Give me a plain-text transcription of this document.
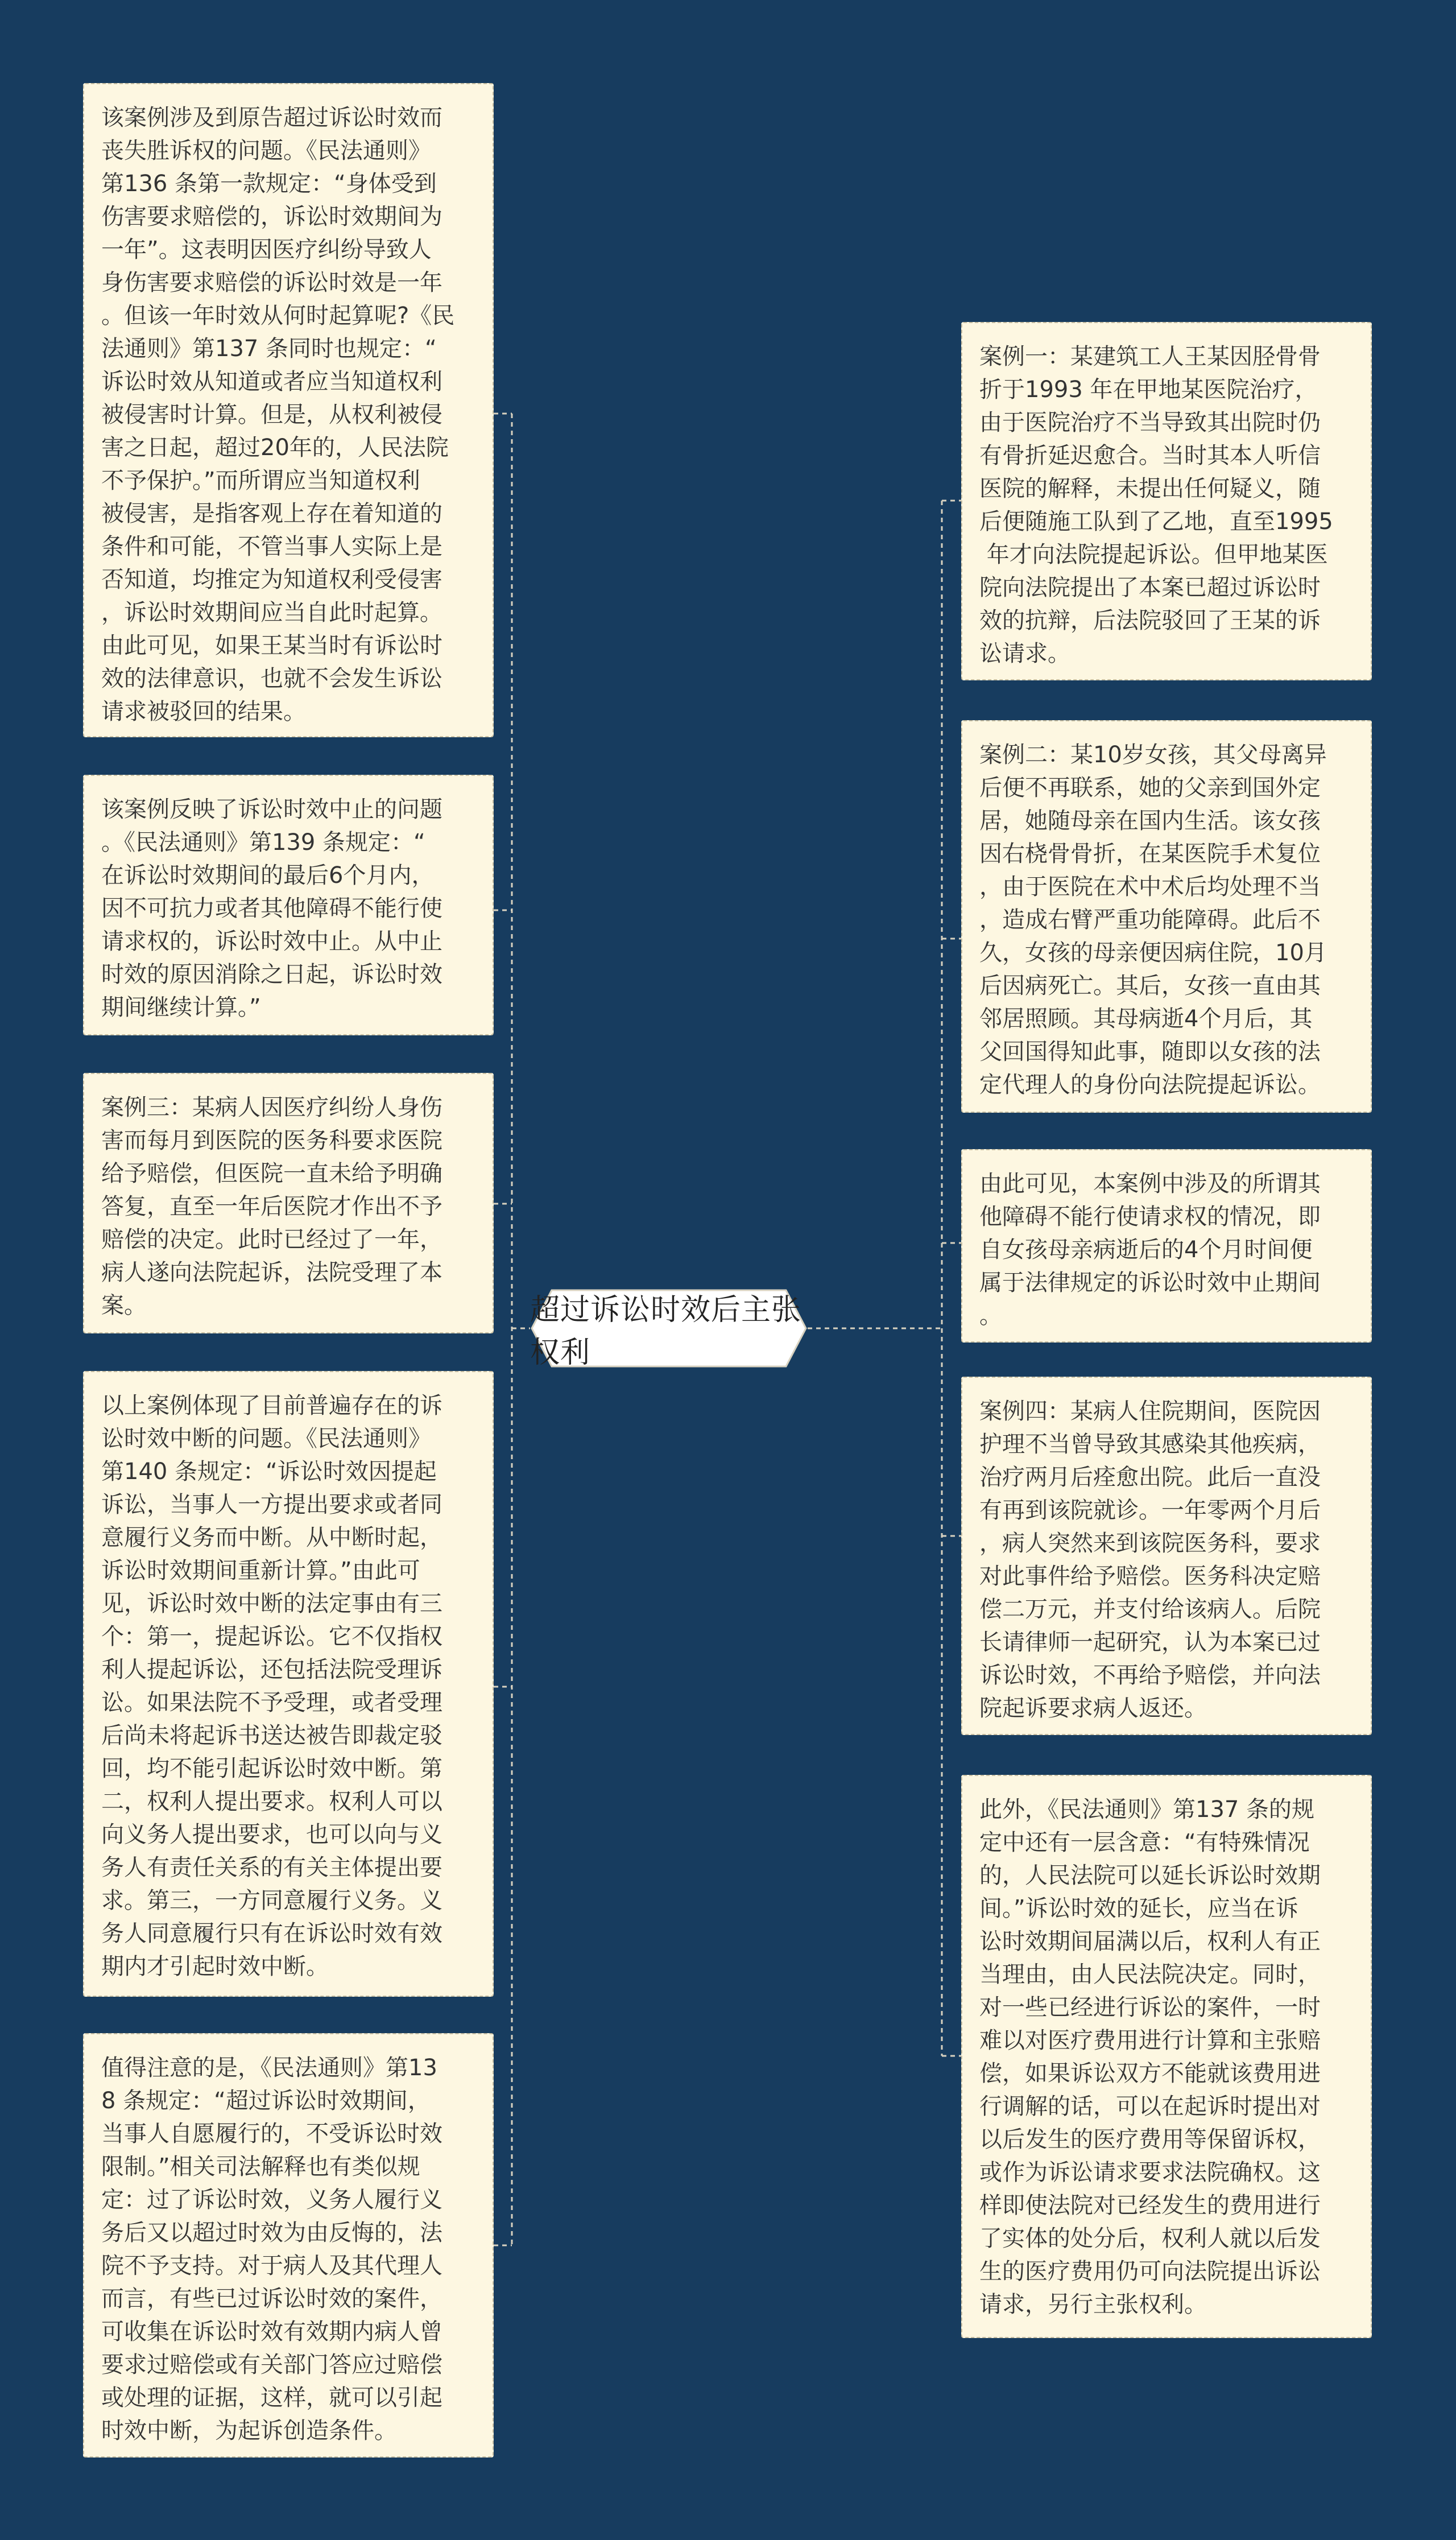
该案例涉及到原告超过诉讼时效而
丧失胜诉权的问题。《民法通则》
第136 条第一款规定：“身体受到
伤害要求赔偿的，诉讼时效期间为
一年”。这表明因医疗纠纷导致人
身伤害要求赔偿的诉讼时效是一年
。但该一年时效从何时起算呢?《民
法通则》第137 条同时也规定：“
诉讼时效从知道或者应当知道权利
被侵害时计算。但是，从权利被侵
害之日起，超过20年的，人民法院
不予保护。”而所谓应当知道权利
被侵害，是指客观上存在着知道的
条件和可能，不管当事人实际上是
否知道，均推定为知道权利受侵害
，诉讼时效期间应当自此时起算。
由此可见，如果王某当时有诉讼时
效的法律意识，也就不会发生诉讼
请求被驳回的结果。
该案例反映了诉讼时效中止的问题
。《民法通则》第139 条规定：“
在诉讼时效期间的最后6个月内，
因不可抗力或者其他障碍不能行使
请求权的，诉讼时效中止。从中止
时效的原因消除之日起，诉讼时效
期间继续计算。”
案例三：某病人因医疗纠纷人身伤
害而每月到医院的医务科要求医院
给予赔偿，但医院一直未给予明确
答复，直至一年后医院才作出不予
赔偿的决定。此时已经过了一年，
病人遂向法院起诉，法院受理了本
案。
以上案例体现了目前普遍存在的诉
讼时效中断的问题。《民法通则》
第140 条规定：“诉讼时效因提起
诉讼，当事人一方提出要求或者同
意履行义务而中断。从中断时起，
诉讼时效期间重新计算。”由此可
见，诉讼时效中断的法定事由有三
个：第一，提起诉讼。它不仅指权
利人提起诉讼，还包括法院受理诉
讼。如果法院不予受理，或者受理
后尚未将起诉书送达被告即裁定驳
回，均不能引起诉讼时效中断。第
二，权利人提出要求。权利人可以
向义务人提出要求，也可以向与义
务人有责任关系的有关主体提出要
求。第三，一方同意履行义务。义
务人同意履行只有在诉讼时效有效
期内才引起时效中断。
值得注意的是，《民法通则》第13
8 条规定：“超过诉讼时效期间，
当事人自愿履行的，不受诉讼时效
限制。”相关司法解释也有类似规
定：过了诉讼时效，义务人履行义
务后又以超过时效为由反悔的，法
院不予支持。对于病人及其代理人
而言，有些已过诉讼时效的案件，
可收集在诉讼时效有效期内病人曾
要求过赔偿或有关部门答应过赔偿
或处理的证据，这样，就可以引起
时效中断，为起诉创造条件。
超过诉讼时效后主张权利
案例一：某建筑工人王某因胫骨骨
折于1993 年在甲地某医院治疗，
由于医院治疗不当导致其出院时仍
有骨折延迟愈合。当时其本人听信
医院的解释，未提出任何疑义，随
后便随施工队到了乙地，直至1995
年才向法院提起诉讼。但甲地某医
院向法院提出了本案已超过诉讼时
效的抗辩，后法院驳回了王某的诉
讼请求。
案例二：某10岁女孩，其父母离异
后便不再联系，她的父亲到国外定
居，她随母亲在国内生活。该女孩
因右桡骨骨折，在某医院手术复位
，由于医院在术中术后均处理不当
，造成右臂严重功能障碍。此后不
久，女孩的母亲便因病住院，10月
后因病死亡。其后，女孩一直由其
邻居照顾。其母病逝4个月后，其
父回国得知此事，随即以女孩的法
定代理人的身份向法院提起诉讼。
由此可见，本案例中涉及的所谓其
他障碍不能行使请求权的情况，即
自女孩母亲病逝后的4个月时间便
属于法律规定的诉讼时效中止期间
。
案例四：某病人住院期间，医院因
护理不当曾导致其感染其他疾病，
治疗两月后痊愈出院。此后一直没
有再到该院就诊。一年零两个月后
，病人突然来到该院医务科，要求
对此事件给予赔偿。医务科决定赔
偿二万元，并支付给该病人。后院
长请律师一起研究，认为本案已过
诉讼时效，不再给予赔偿，并向法
院起诉要求病人返还。
此外，《民法通则》第137 条的规
定中还有一层含意：“有特殊情况
的，人民法院可以延长诉讼时效期
间。”诉讼时效的延长，应当在诉
讼时效期间届满以后，权利人有正
当理由，由人民法院决定。同时，
对一些已经进行诉讼的案件，一时
难以对医疗费用进行计算和主张赔
偿，如果诉讼双方不能就该费用进
行调解的话，可以在起诉时提出对
以后发生的医疗费用等保留诉权，
或作为诉讼请求要求法院确权。这
样即使法院对已经发生的费用进行
了实体的处分后，权利人就以后发
生的医疗费用仍可向法院提出诉讼
请求，另行主张权利。
